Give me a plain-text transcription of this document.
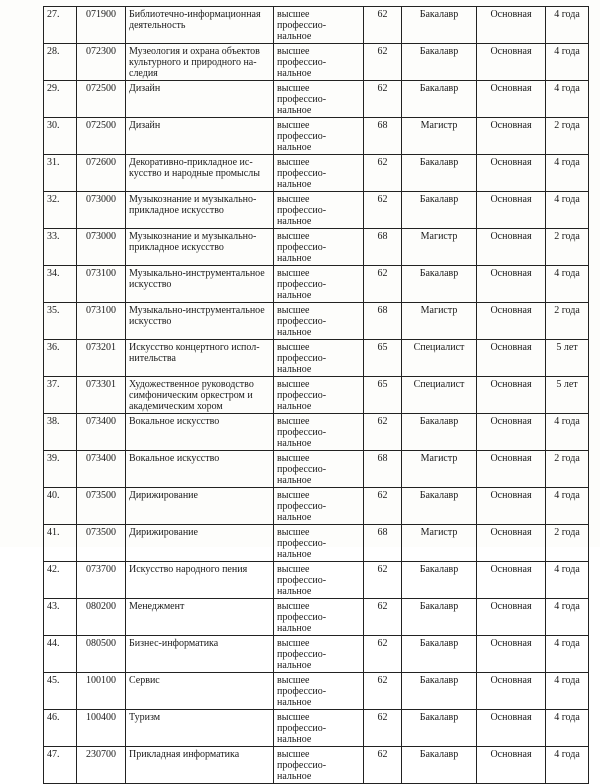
27.	071900	Библиотечно-информационная деятельность	высшее профессио-нальное	62	Бакалавр	Основная	4 года
28.	072300	Музеология и охрана объектов культурного и природного на-следия	высшее профессио-нальное	62	Бакалавр	Основная	4 года
29.	072500	Дизайн	высшее профессио-нальное	62	Бакалавр	Основная	4 года
30.	072500	Дизайн	высшее профессио-нальное	68	Магистр	Основная	2 года
31.	072600	Декоративно-прикладное ис-кусство и народные промыслы	высшее профессио-нальное	62	Бакалавр	Основная	4 года
32.	073000	Музыкознание и музыкально-прикладное искусство	высшее профессио-нальное	62	Бакалавр	Основная	4 года
33.	073000	Музыкознание и музыкально-прикладное искусство	высшее профессио-нальное	68	Магистр	Основная	2 года
34.	073100	Музыкально-инструментальное искусство	высшее профессио-нальное	62	Бакалавр	Основная	4 года
35.	073100	Музыкально-инструментальное искусство	высшее профессио-нальное	68	Магистр	Основная	2 года
36.	073201	Искусство концертного испол-нительства	высшее профессио-нальное	65	Специалист	Основная	5 лет
37.	073301	Художественное руководство симфоническим оркестром и академическим хором	высшее профессио-нальное	65	Специалист	Основная	5 лет
38.	073400	Вокальное искусство	высшее профессио-нальное	62	Бакалавр	Основная	4 года
39.	073400	Вокальное искусство	высшее профессио-нальное	68	Магистр	Основная	2 года
40.	073500	Дирижирование	высшее профессио-нальное	62	Бакалавр	Основная	4 года
41.	073500	Дирижирование	высшее профессио-нальное	68	Магистр	Основная	2 года
42.	073700	Искусство народного пения	высшее профессио-нальное	62	Бакалавр	Основная	4 года
43.	080200	Менеджмент	высшее профессио-нальное	62	Бакалавр	Основная	4 года
44.	080500	Бизнес-информатика	высшее профессио-нальное	62	Бакалавр	Основная	4 года
45.	100100	Сервис	высшее профессио-нальное	62	Бакалавр	Основная	4 года
46.	100400	Туризм	высшее профессио-нальное	62	Бакалавр	Основная	4 года
47.	230700	Прикладная информатика	высшее профессио-нальное	62	Бакалавр	Основная	4 года
